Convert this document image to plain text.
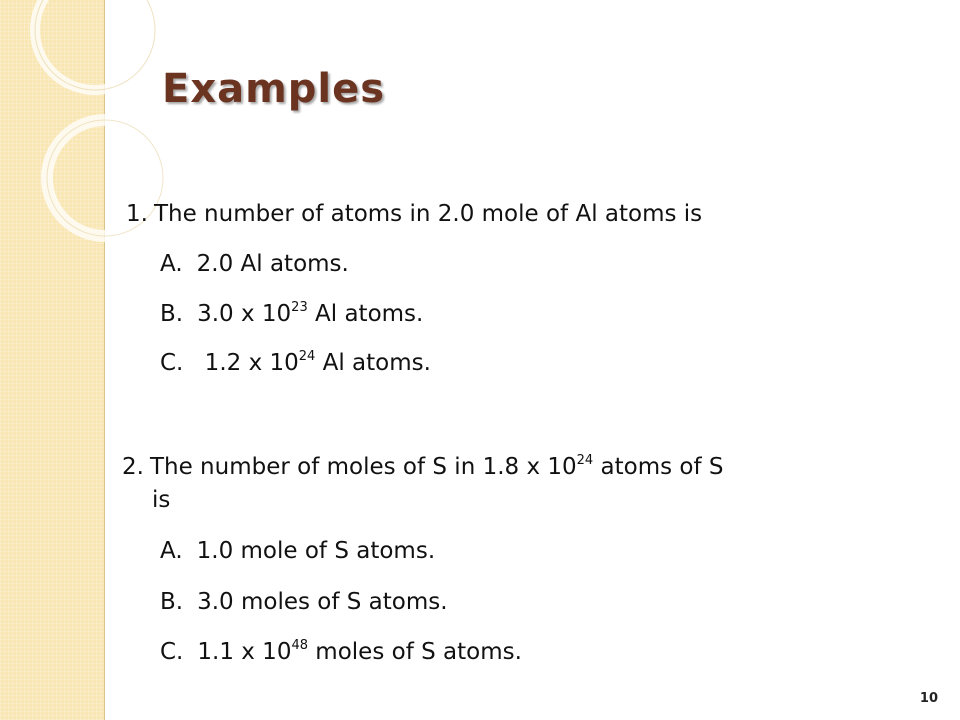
Examples

1. The number of atoms in 2.0 mole of Al atoms is

A. 2.0 Al atoms.

B. 3.0 x $10^{23}$ Al atoms.

C. 1.2 x $10^{24}$ Al atoms.

2. The number of moles of S in 1.8 x $10^{24}$ atoms of S

is

A. 1.0 mole of S atoms.

B. 3.0 moles of S atoms.

C. 1.1 x $10^{48}$ moles of S atoms.

10
